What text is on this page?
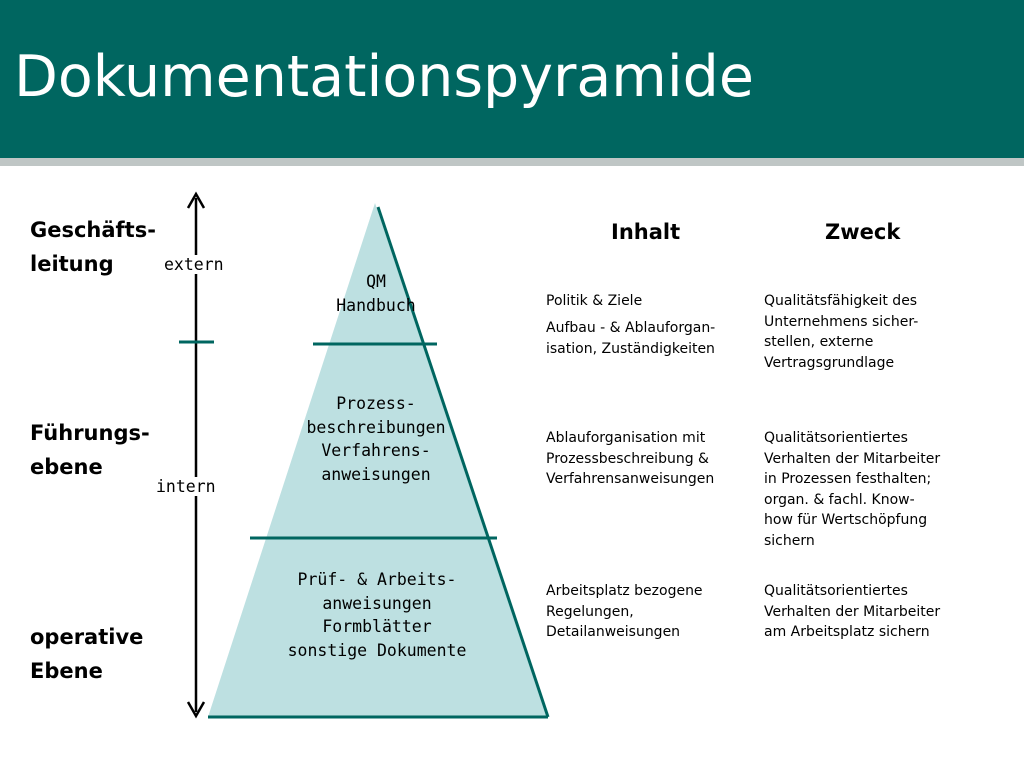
Dokumentationspyramide
Geschäfts-
leitung
Führungs-
ebene
operative
Ebene
extern
intern
QM
Handbuch
Prozess-
beschreibungen
Verfahrens-
anweisungen
Prüf- & Arbeits-
anweisungen
Formblätter
sonstige Dokumente
Inhalt	Zweck
Politik & Ziele
Aufbau - & Ablauforgan-
isation, Zuständigkeiten
Qualitätsfähigkeit des
Unternehmens sicher-
stellen, externe
Vertragsgrundlage
Ablauforganisation mit
Prozessbeschreibung &
Verfahrensanweisungen
Qualitätsorientiertes
Verhalten der Mitarbeiter
in Prozessen festhalten;
organ. & fachl. Know-
how für Wertschöpfung
sichern
Arbeitsplatz bezogene
Regelungen,
Detailanweisungen
Qualitätsorientiertes
Verhalten der Mitarbeiter
am Arbeitsplatz sichern
